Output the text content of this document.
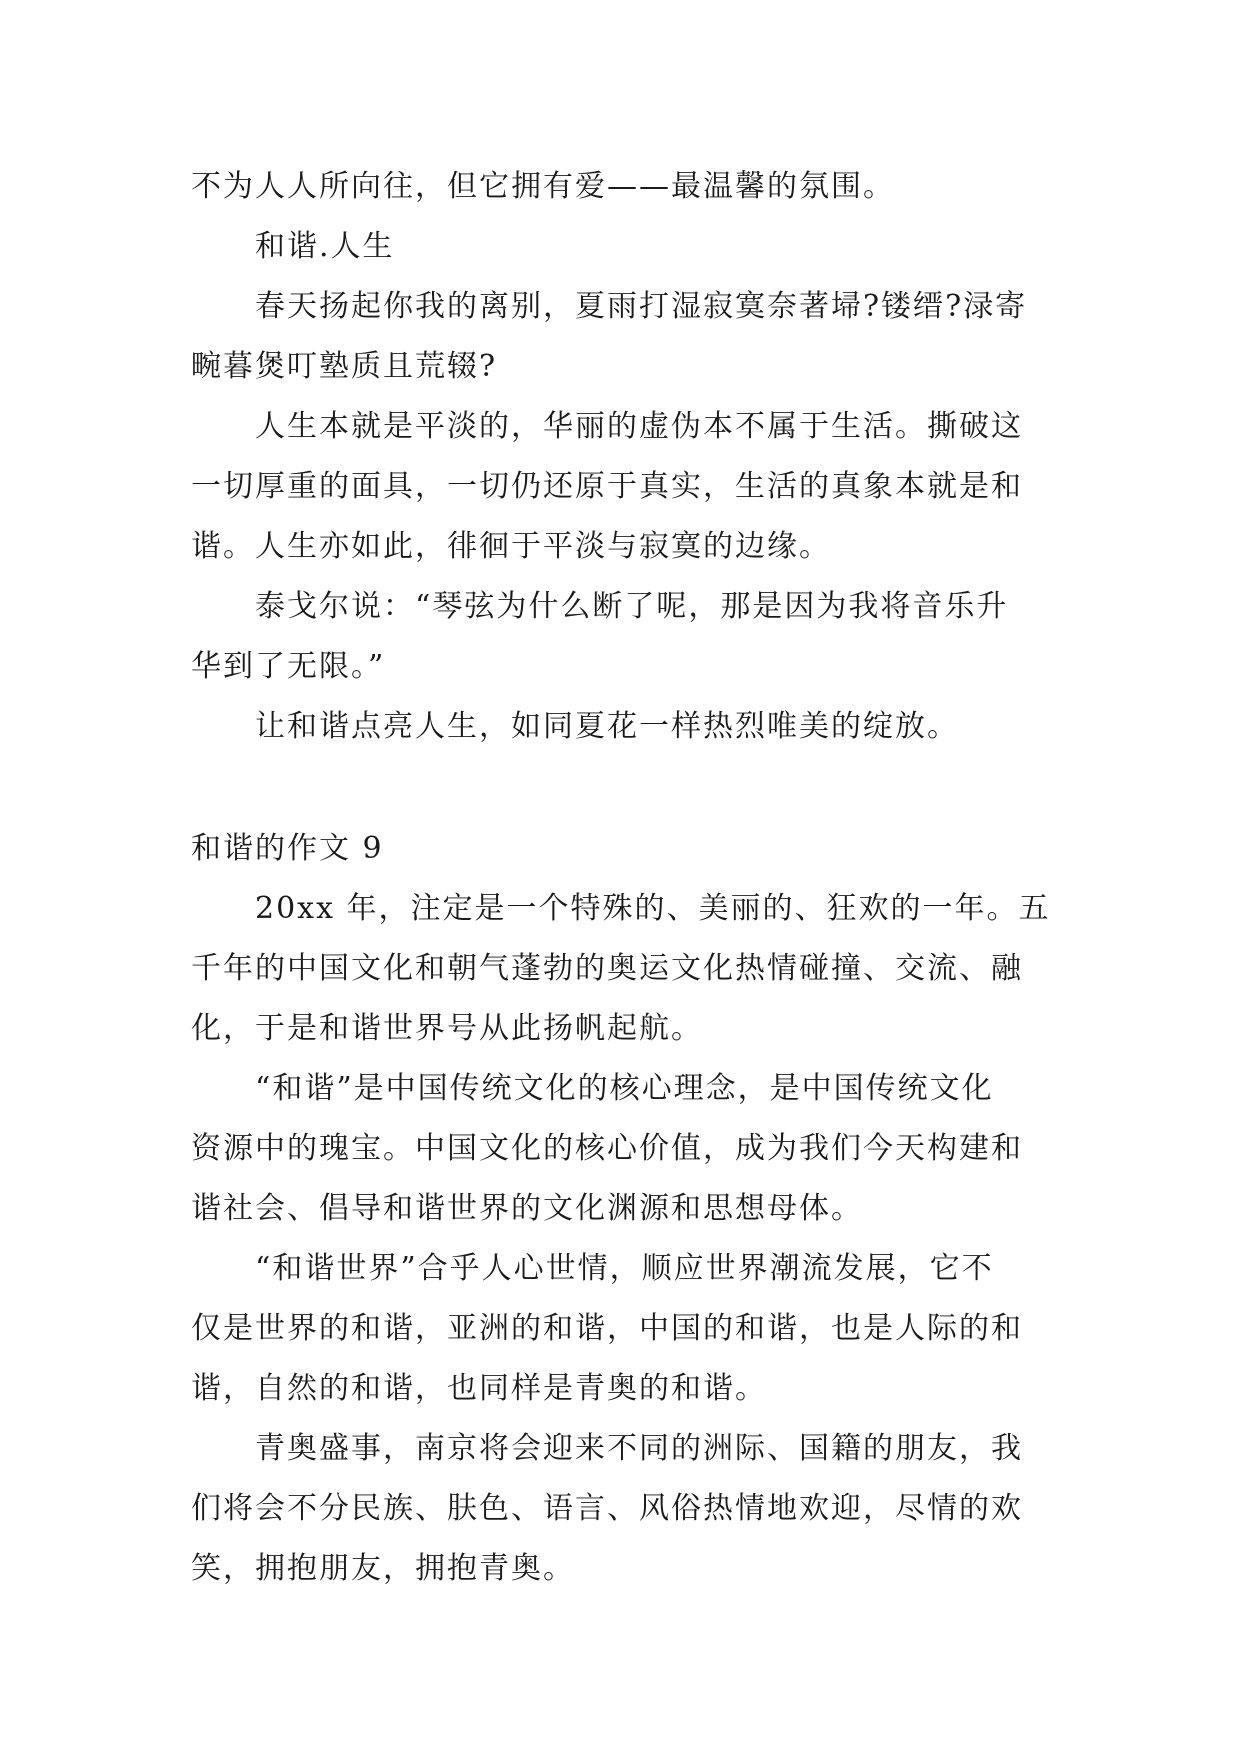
不为人人所向往，但它拥有爱——最温馨的氛围。
和谐.人生
春天扬起你我的离别，夏雨打湿寂寞奈著埽?镂缙?渌寄
畹暮煲叮塾质且荒辍?
人生本就是平淡的，华丽的虚伪本不属于生活。撕破这
一切厚重的面具，一切仍还原于真实，生活的真象本就是和
谐。人生亦如此，徘徊于平淡与寂寞的边缘。
泰戈尔说：“琴弦为什么断了呢，那是因为我将音乐升
华到了无限。”
让和谐点亮人生，如同夏花一样热烈唯美的绽放。
和谐的作文 9
20xx 年，注定是一个特殊的、美丽的、狂欢的一年。五
千年的中国文化和朝气蓬勃的奥运文化热情碰撞、交流、融
化，于是和谐世界号从此扬帆起航。
“和谐”是中国传统文化的核心理念，是中国传统文化
资源中的瑰宝。中国文化的核心价值，成为我们今天构建和
谐社会、倡导和谐世界的文化渊源和思想母体。
“和谐世界”合乎人心世情，顺应世界潮流发展，它不
仅是世界的和谐，亚洲的和谐，中国的和谐，也是人际的和
谐，自然的和谐，也同样是青奥的和谐。
青奥盛事，南京将会迎来不同的洲际、国籍的朋友，我
们将会不分民族、肤色、语言、风俗热情地欢迎，尽情的欢
笑，拥抱朋友，拥抱青奥。
